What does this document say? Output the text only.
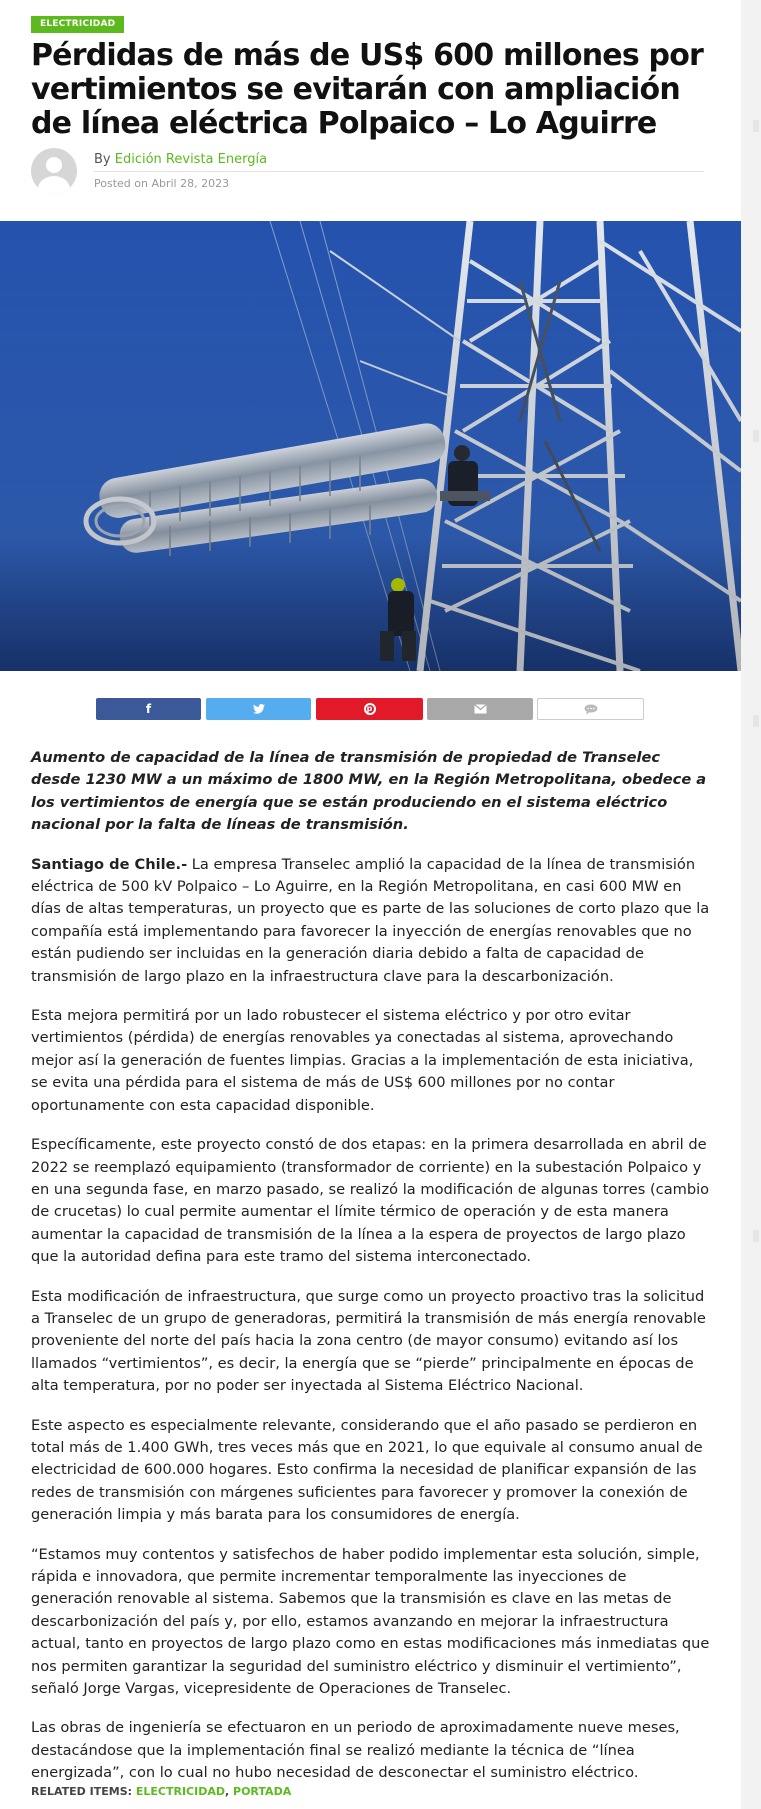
ELECTRICIDAD
Pérdidas de más de US$ 600 millones por vertimientos se evitarán con ampliación de línea eléctrica Polpaico – Lo Aguirre
By Edición Revista Energía
Posted on Abril 28, 2023
f	p

Aumento de capacidad de la línea de transmisión de propiedad de Transelec desde 1230 MW a un máximo de 1800 MW, en la Región Metropolitana, obedece a los vertimientos de energía que se están produciendo en el sistema eléctrico nacional por la falta de líneas de transmisión.

Santiago de Chile.- La empresa Transelec amplió la capacidad de la línea de transmisión eléctrica de 500 kV Polpaico – Lo Aguirre, en la Región Metropolitana, en casi 600 MW en días de altas temperaturas, un proyecto que es parte de las soluciones de corto plazo que la compañía está implementando para favorecer la inyección de energías renovables que no están pudiendo ser incluidas en la generación diaria debido a falta de capacidad de transmisión de largo plazo en la infraestructura clave para la descarbonización.

Esta mejora permitirá por un lado robustecer el sistema eléctrico y por otro evitar vertimientos (pérdida) de energías renovables ya conectadas al sistema, aprovechando mejor así la generación de fuentes limpias. Gracias a la implementación de esta iniciativa, se evita una pérdida para el sistema de más de US$ 600 millones por no contar oportunamente con esta capacidad disponible.

Específicamente, este proyecto constó de dos etapas: en la primera desarrollada en abril de 2022 se reemplazó equipamiento (transformador de corriente) en la subestación Polpaico y en una segunda fase, en marzo pasado, se realizó la modificación de algunas torres (cambio de crucetas) lo cual permite aumentar el límite térmico de operación y de esta manera aumentar la capacidad de transmisión de la línea a la espera de proyectos de largo plazo que la autoridad defina para este tramo del sistema interconectado.

Esta modificación de infraestructura, que surge como un proyecto proactivo tras la solicitud a Transelec de un grupo de generadoras, permitirá la transmisión de más energía renovable proveniente del norte del país hacia la zona centro (de mayor consumo) evitando así los llamados “vertimientos”, es decir, la energía que se “pierde” principalmente en épocas de alta temperatura, por no poder ser inyectada al Sistema Eléctrico Nacional.

Este aspecto es especialmente relevante, considerando que el año pasado se perdieron en total más de 1.400 GWh, tres veces más que en 2021, lo que equivale al consumo anual de electricidad de 600.000 hogares. Esto confirma la necesidad de planificar expansión de las redes de transmisión con márgenes suficientes para favorecer y promover la conexión de generación limpia y más barata para los consumidores de energía.

“Estamos muy contentos y satisfechos de haber podido implementar esta solución, simple, rápida e innovadora, que permite incrementar temporalmente las inyecciones de generación renovable al sistema. Sabemos que la transmisión es clave en las metas de descarbonización del país y, por ello, estamos avanzando en mejorar la infraestructura actual, tanto en proyectos de largo plazo como en estas modificaciones más inmediatas que nos permiten garantizar la seguridad del suministro eléctrico y disminuir el vertimiento”, señaló Jorge Vargas, vicepresidente de Operaciones de Transelec.

Las obras de ingeniería se efectuaron en un periodo de aproximadamente nueve meses, destacándose que la implementación final se realizó mediante la técnica de “línea energizada”, con lo cual no hubo necesidad de desconectar el suministro eléctrico.

RELATED ITEMS: ELECTRICIDAD, PORTADA
